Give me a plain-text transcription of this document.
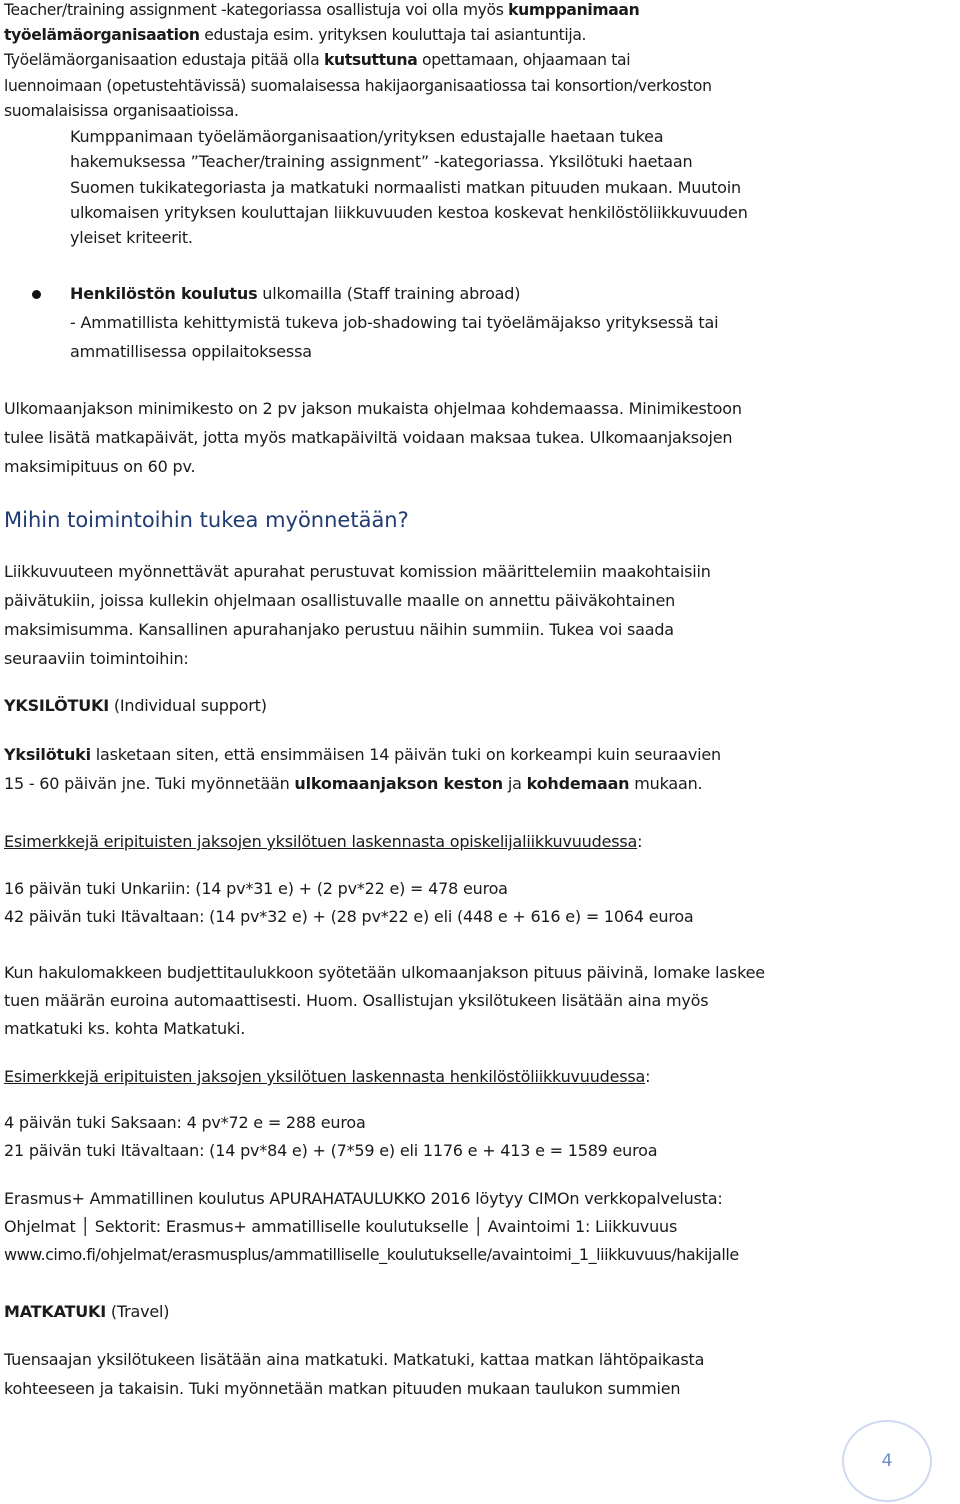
Teacher/training assignment -kategoriassa osallistuja voi olla myös kumppanimaan
työelämäorganisaation edustaja esim. yrityksen kouluttaja tai asiantuntija.
Työelämäorganisaation edustaja pitää olla kutsuttuna opettamaan, ohjaamaan tai
luennoimaan (opetustehtävissä) suomalaisessa hakijaorganisaatiossa tai konsortion/verkoston
suomalaisissa organisaatioissa.
Kumppanimaan työelämäorganisaation/yrityksen edustajalle haetaan tukea
hakemuksessa ”Teacher/training assignment” -kategoriassa. Yksilötuki haetaan
Suomen tukikategoriasta ja matkatuki normaalisti matkan pituuden mukaan. Muutoin
ulkomaisen yrityksen kouluttajan liikkuvuuden kestoa koskevat henkilöstöliikkuvuuden
yleiset kriteerit.
Henkilöstön koulutus ulkomailla (Staff training abroad)
- Ammatillista kehittymistä tukeva job-shadowing tai työelämäjakso yrityksessä tai
ammatillisessa oppilaitoksessa
Ulkomaanjakson minimikesto on 2 pv jakson mukaista ohjelmaa kohdemaassa. Minimikestoon
tulee lisätä matkapäivät, jotta myös matkapäiviltä voidaan maksaa tukea. Ulkomaanjaksojen
maksimipituus on 60 pv.
Mihin toimintoihin tukea myönnetään?
Liikkuvuuteen myönnettävät apurahat perustuvat komission määrittelemiin maakohtaisiin
päivätukiin, joissa kullekin ohjelmaan osallistuvalle maalle on annettu päiväkohtainen
maksimisumma. Kansallinen apurahanjako perustuu näihin summiin. Tukea voi saada
seuraaviin toimintoihin:
YKSILÖTUKI (Individual support)
Yksilötuki lasketaan siten, että ensimmäisen 14 päivän tuki on korkeampi kuin seuraavien
15 - 60 päivän jne. Tuki myönnetään ulkomaanjakson keston ja kohdemaan mukaan.
Esimerkkejä eripituisten jaksojen yksilötuen laskennasta opiskelijaliikkuvuudessa:
16 päivän tuki Unkariin: (14 pv*31 e) + (2 pv*22 e) = 478 euroa
42 päivän tuki Itävaltaan: (14 pv*32 e) + (28 pv*22 e) eli (448 e + 616 e) = 1064 euroa
Kun hakulomakkeen budjettitaulukkoon syötetään ulkomaanjakson pituus päivinä, lomake laskee
tuen määrän euroina automaattisesti. Huom. Osallistujan yksilötukeen lisätään aina myös
matkatuki ks. kohta Matkatuki.
Esimerkkejä eripituisten jaksojen yksilötuen laskennasta henkilöstöliikkuvuudessa:
4 päivän tuki Saksaan: 4 pv*72 e = 288 euroa
21 päivän tuki Itävaltaan: (14 pv*84 e) + (7*59 e) eli 1176 e + 413 e = 1589 euroa
Erasmus+ Ammatillinen koulutus APURAHATAULUKKO 2016 löytyy CIMOn verkkopalvelusta:
Ohjelmat │ Sektorit: Erasmus+ ammatilliselle koulutukselle │ Avaintoimi 1: Liikkuvuus
www.cimo.fi/ohjelmat/erasmusplus/ammatilliselle_koulutukselle/avaintoimi_1_liikkuvuus/hakijalle
MATKATUKI (Travel)
Tuensaajan yksilötukeen lisätään aina matkatuki. Matkatuki, kattaa matkan lähtöpaikasta
kohteeseen ja takaisin. Tuki myönnetään matkan pituuden mukaan taulukon summien
4
